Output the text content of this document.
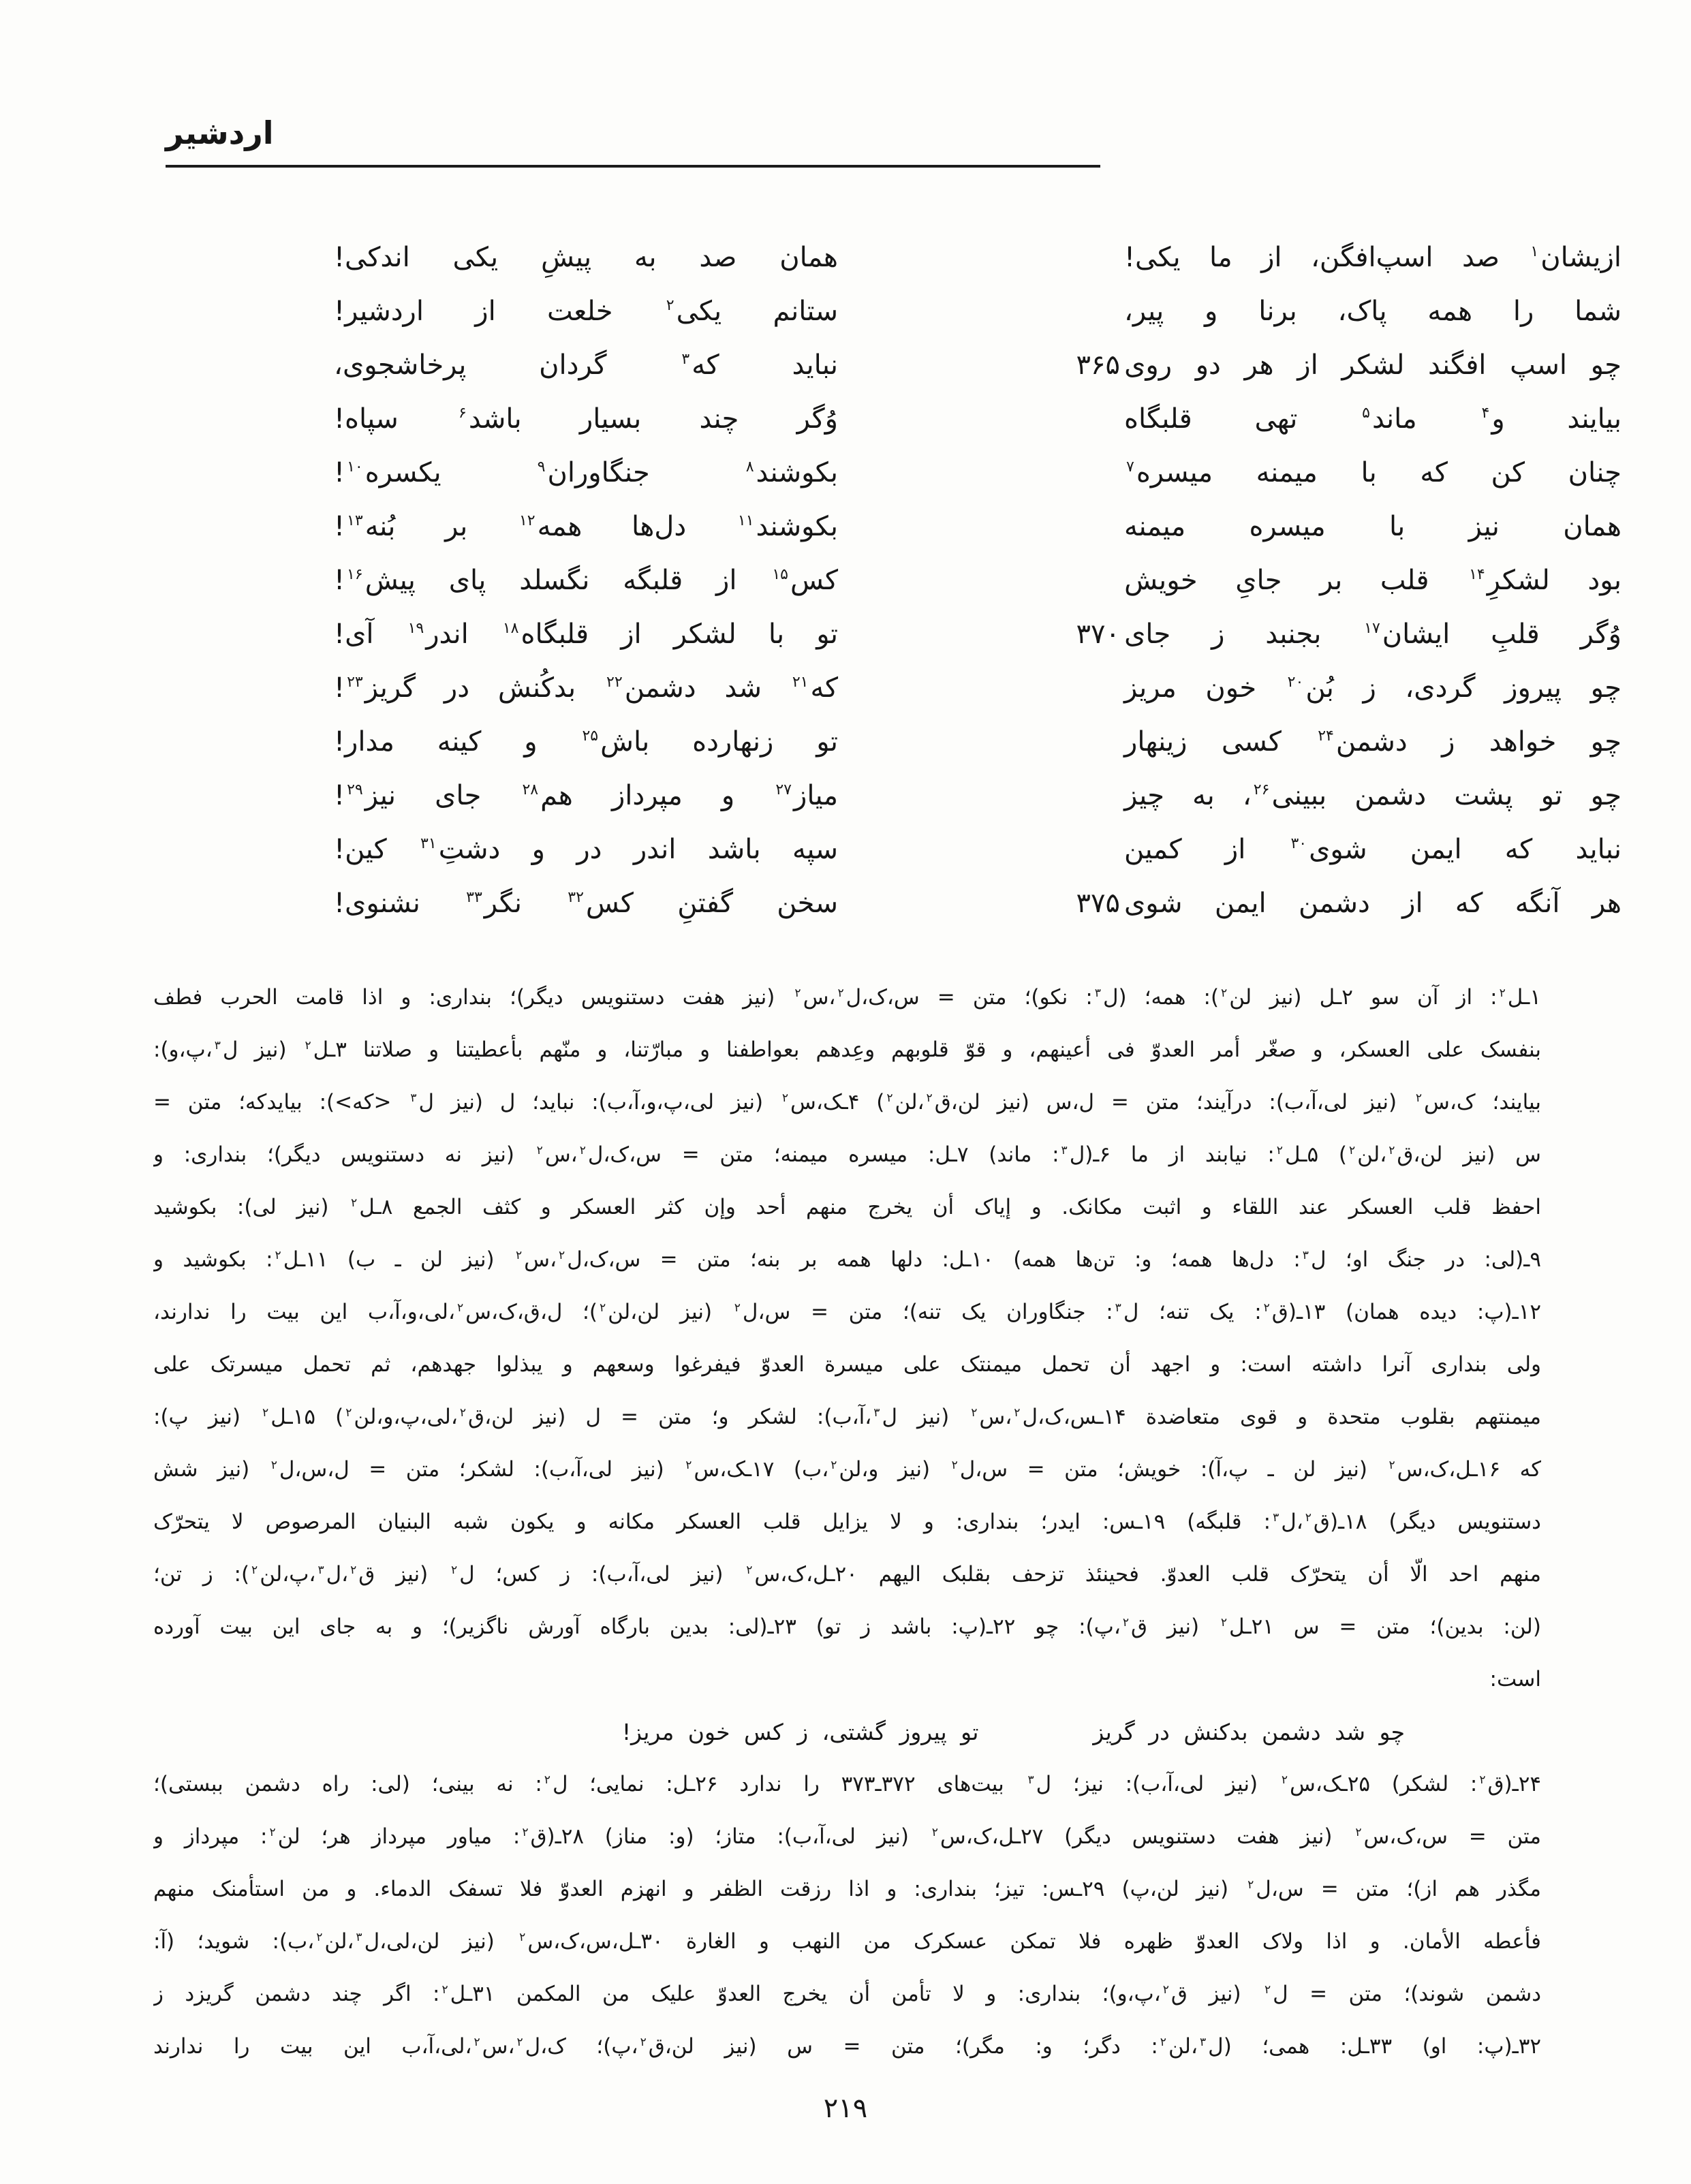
اردشیر
ازیشان$^۱$
صد
اسپ‌افگن،
از
ما
یکی!
همان
صد
به
پیشِ
یکی
اندکی!
شما
را
همه
پاک،
برنا
و
پیر،
ستانم
یکی$^۲$
خلعت
از
اردشیر!
چو
اسپ
افگند
لشکر
از
هر
دو
روی
۳۶۵
نباید
که$^۳$
گردان
پرخاشجوی،
بیایند
و$^۴$
ماند$^۵$
تهی
قلبگاه
وُگر
چند
بسیار
باشد$^۶$
سپاه!
چنان
کن
که
با
میمنه
میسره$^۷$
بکوشند$^۸$
جنگاوران$^۹$
یکسره$^{۱۰}$!
همان
نیز
با
میسره
میمنه
بکوشند$^{۱۱}$
دل‌ها
همه$^{۱۲}$
بر
بُنه$^{۱۳}$!
بود
لشکرِ$^{۱۴}$
قلب
بر
جایِ
خویش
کس$^{۱۵}$
از
قلبگه
نگسلد
پای
پیش$^{۱۶}$!
وُگر
قلبِ
ایشان$^{۱۷}$
بجنبد
ز
جای
۳۷۰
تو
با
لشکر
از
قلبگاه$^{۱۸}$
اندر$^{۱۹}$
آی!
چو
پیروز
گردی،
ز
بُن$^{۲۰}$
خون
مریز
که$^{۲۱}$
شد
دشمن$^{۲۲}$
بدکُنش
در
گریز$^{۲۳}$!
چو
خواهد
ز
دشمن$^{۲۴}$
کسی
زینهار
تو
زنهارده
باش$^{۲۵}$
و
کینه
مدار!
چو
تو
پشت
دشمن
ببینی$^{۲۶}$،
به
چیز
میاز$^{۲۷}$
و
مپرداز
هم$^{۲۸}$
جای
نیز$^{۲۹}$!
نباید
که
ایمن
شوی$^{۳۰}$
از
کمین
سپه
باشد
اندر
در
و
دشتِ$^{۳۱}$
کین!
هر
آنگه
که
از
دشمن
ایمن
شوی
۳۷۵
سخن
گفتنِ
کس$^{۳۲}$
نگر$^{۳۳}$
نشنوی!
۱ـل$^۲$: از آن سو ۲ـل (نیز لن$^۲$): همه؛ (ل$^۳$: نکو)؛ متن = س،ک،ل$^۲$،س$^۲$ (نیز هفت دستنویس دیگر)؛ بنداری: و اذا قامت الحرب فطف
بنفسک علی العسکر، و صغّر أمر العدوّ فی أعینهم، و قوّ قلوبهم وعِدهم بعواطفنا و مبارّتنا، و منّهم بأعطیتنا و صلاتنا ۳ـل$^۲$ (نیز ل$^۳$،پ،و):
بیایند؛ ک،س$^۲$ (نیز لی،آ،ب): درآیند؛ متن = ل،س (نیز لن،ق$^۲$،لن$^۲$) ۴ـک،س$^۲$ (نیز لی،پ،و،آ،ب): نباید؛ ل (نیز ل$^۳$ <که>): بیایدکه؛ متن =
س (نیز لن،ق$^۲$،لن$^۲$) ۵ـل$^۲$: نیابند از ما ۶ـ(ل$^۳$: ماند) ۷ـل: میسره میمنه؛ متن = س،ک،ل$^۲$،س$^۲$ (نیز نه دستنویس دیگر)؛ بنداری: و
احفظ قلب العسکر عند اللقاء و اثبت مکانک. و إیاک أن یخرج منهم أحد وإن کثر العسکر و کثف الجمع ۸ـل$^۲$ (نیز لی): بکوشید
۹ـ(لی: در جنگ او؛ ل$^۳$: دل‌ها همه؛ و: تن‌ها همه) ۱۰ـل: دلها همه بر بنه؛ متن = س،ک،ل$^۲$،س$^۲$ (نیز لن ـ ب) ۱۱ـل$^۲$: بکوشید و
۱۲ـ(پ: دیده همان) ۱۳ـ(ق$^۲$: یک تنه؛ ل$^۳$: جنگاوران یک تنه)؛ متن = س،ل$^۲$ (نیز لن،لن$^۲$)؛ ل،ق،ک،س$^۲$،لی،و،آ،ب این بیت را ندارند،
ولی بنداری آنرا داشته است: و اجهد أن تحمل میمنتک علی میسرة العدوّ فیفرغوا وسعهم و یبذلوا جهدهم، ثم تحمل میسرتک علی
میمنتهم بقلوب متحدة و قوی متعاضدة ۱۴ـس،ک،ل$^۲$،س$^۲$ (نیز ل$^۳$،آ،ب): لشکر و؛ متن = ل (نیز لن،ق$^۲$،لی،پ،و،لن$^۲$) ۱۵ـل$^۲$ (نیز پ):
که ۱۶ـل،ک،س$^۲$ (نیز لن ـ پ،آ): خویش؛ متن = س،ل$^۲$ (نیز و،لن$^۲$،ب) ۱۷ـک،س$^۲$ (نیز لی،آ،ب): لشکر؛ متن = ل،س،ل$^۲$ (نیز شش
دستنویس دیگر) ۱۸ـ(ق$^۲$،ل$^۳$: قلبگه) ۱۹ـس: ایدر؛ بنداری: و لا یزایل قلب العسکر مکانه و یکون شبه البنیان المرصوص لا یتحرّک
منهم احد الّا أن یتحرّک قلب العدوّ. فحینئذ تزحف بقلبک الیهم ۲۰ـل،ک،س$^۲$ (نیز لی،آ،ب): ز کس؛ ل$^۲$ (نیز ق$^۲$،ل$^۳$،پ،لن$^۲$): ز تن؛
(لن: بدین)؛ متن = س ۲۱ـل$^۲$ (نیز ق$^۲$،پ): چو ۲۲ـ(پ: باشد ز تو) ۲۳ـ(لی: بدین بارگاه آورش ناگزیر)؛ و به جای این بیت آورده
است:
چو شد دشمن بدکنش در گریز
تو پیروز گشتی، ز کس خون مریز!
۲۴ـ(ق$^۲$: لشکر) ۲۵ـک،س$^۲$ (نیز لی،آ،ب): نیز؛ ل$^۳$ بیت‌های ۳۷۲ـ۳۷۳ را ندارد ۲۶ـل: نمایی؛ ل$^۲$: نه بینی؛ (لی: راه دشمن ببستی)؛
متن = س،ک،س$^۲$ (نیز هفت دستنویس دیگر) ۲۷ـل،ک،س$^۲$ (نیز لی،آ،ب): متاز؛ (و: مناز) ۲۸ـ(ق$^۲$: میاور مپرداز هر؛ لن$^۲$: مپرداز و
مگذر هم از)؛ متن = س،ل$^۲$ (نیز لن،پ) ۲۹ـس: تیز؛ بنداری: و اذا رزقت الظفر و انهزم العدوّ فلا تسفک الدماء. و من استأمنک منهم
فأعطه الأمان. و اذا ولاک العدوّ ظهره فلا تمکن عسکرک من النهب و الغارة ۳۰ـل،س،ک،س$^۲$ (نیز لن،لی،ل$^۳$،لن$^۲$،ب): شوید؛ (آ:
دشمن شوند)؛ متن = ل$^۲$ (نیز ق$^۲$،پ،و)؛ بنداری: و لا تأمن أن یخرج العدوّ علیک من المکمن ۳۱ـل$^۲$: اگر چند دشمن گریزد ز
۳۲ـ(پ: او) ۳۳ـل: همی؛ (ل$^۳$،لن$^۲$: دگر؛ و: مگر)؛ متن = س (نیز لن،ق$^۲$،پ)؛ ک،ل$^۲$،س$^۲$،لی،آ،ب این بیت را ندارند
۲۱۹
